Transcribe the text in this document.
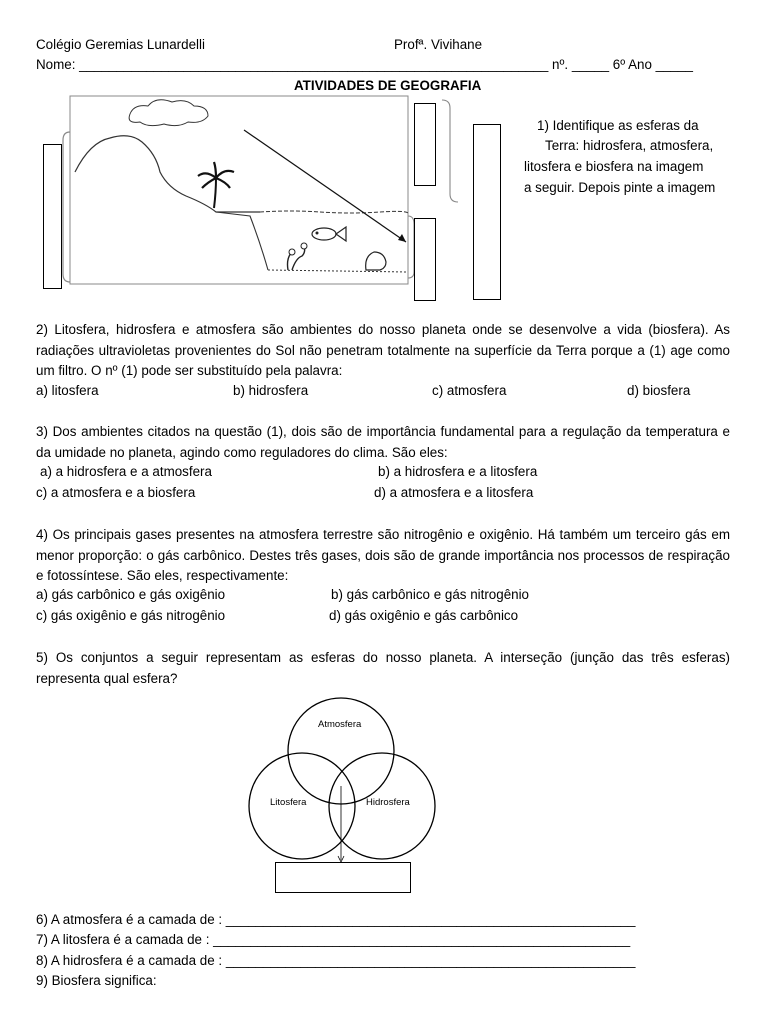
Colégio Geremias Lunardelli	Profª. Vivihane
Nome: _______________________________________________________________ nº. _____ 6º Ano _____
ATIVIDADES DE GEOGRAFIA
1) Identifique as esferas da
Terra: hidrosfera, atmosfera,
litosfera e biosfera na imagem
a seguir. Depois pinte a imagem
2) Litosfera, hidrosfera e atmosfera são ambientes do nosso planeta onde se desenvolve a vida (biosfera). As radiações ultravioletas provenientes do Sol não penetram totalmente na superfície da Terra porque a (1) age como um filtro. O nº (1) pode ser substituído pela palavra:
a) litosfera	b) hidrosfera	c) atmosfera	d) biosfera
3) Dos ambientes citados na questão (1), dois são de importância fundamental para a regulação da temperatura e da umidade no planeta, agindo como reguladores do clima. São eles:
a) a hidrosfera e a atmosfera	b) a hidrosfera e a litosfera
c) a atmosfera e a biosfera	d) a atmosfera e a litosfera
4) Os principais gases presentes na atmosfera terrestre são nitrogênio e oxigênio. Há também um terceiro gás em menor proporção: o gás carbônico. Destes três gases, dois são de grande importância nos processos de respiração e fotossíntese. São eles, respectivamente:
a) gás carbônico e gás oxigênio	b) gás carbônico e gás nitrogênio
c) gás oxigênio e gás nitrogênio	d) gás oxigênio e gás carbônico
5) Os conjuntos a seguir representam as esferas do nosso planeta. A interseção (junção das três esferas) representa qual esfera?
Atmosfera
Litosfera	Hidrosfera
6) A atmosfera é a camada de : _______________________________________________________
7) A litosfera é a camada de : ________________________________________________________
8) A hidrosfera é a camada de : _______________________________________________________
9) Biosfera significa:
